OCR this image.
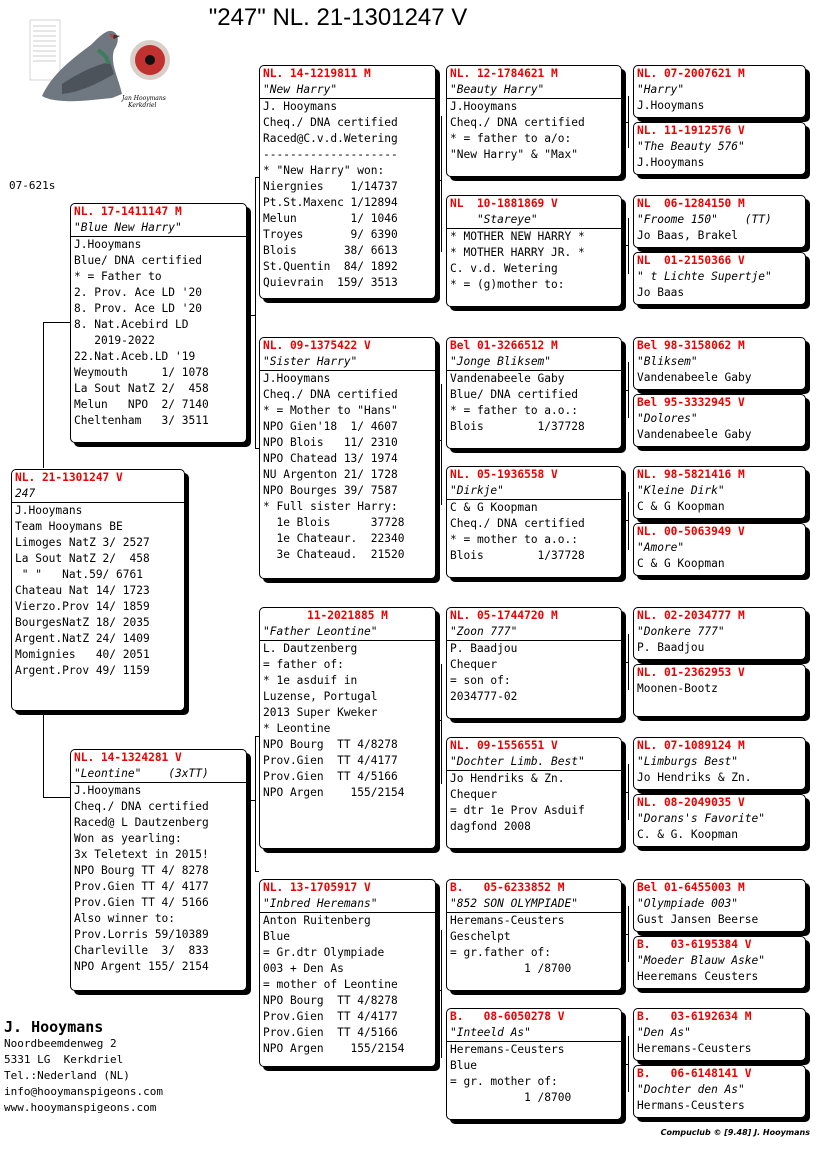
"247" NL. 21-1301247 V
Jan Hooymans
Kerkdriel
07-621s
NL. 21-1301247 V
247
J.Hooymans
Team Hooymans BE
Limoges NatZ 3/ 2527
La Sout NatZ 2/  458
" "   Nat.59/ 6761
Chateau Nat 14/ 1723
Vierzo.Prov 14/ 1859
BourgesNatZ 18/ 2035
Argent.NatZ 24/ 1409
Momignies   40/ 2051
Argent.Prov 49/ 1159
NL. 17-1411147 M
"Blue New Harry"
J.Hooymans
Blue/ DNA certified
* = Father to
2. Prov. Ace LD '20
8. Prov. Ace LD '20
8. Nat.Acebird LD
2019-2022
22.Nat.Aceb.LD '19
Weymouth     1/ 1078
La Sout NatZ 2/  458
Melun   NPO  2/ 7140
Cheltenham   3/ 3511
NL. 14-1324281 V
"Leontine"    (3xTT)
J.Hooymans
Cheq./ DNA certified
Raced@ L Dautzenberg
Won as yearling:
3x Teletext in 2015!
NPO Bourg TT 4/ 8278
Prov.Gien TT 4/ 4177
Prov.Gien TT 4/ 5166
Also winner to:
Prov.Lorris 59/10389
Charleville  3/  833
NPO Argent 155/ 2154
NL. 14-1219811 M
"New Harry"
J. Hooymans
Cheq./ DNA certified
Raced@C.v.d.Wetering
--------------------
* "New Harry" won:
Niergnies    1/14737
Pt.St.Maxenc 1/12894
Melun        1/ 1046
Troyes       9/ 6390
Blois       38/ 6613
St.Quentin  84/ 1892
Quievrain  159/ 3513
NL. 09-1375422 V
"Sister Harry"
J.Hooymans
Cheq./ DNA certified
* = Mother to "Hans"
NPO Gien'18  1/ 4607
NPO Blois   11/ 2310
NPO Chatead 13/ 1974
NU Argenton 21/ 1728
NPO Bourges 39/ 7587
* Full sister Harry:
1e Blois      37728
1e Chateaur.  22340
3e Chateaud.  21520
11-2021885 M
"Father Leontine"
L. Dautzenberg
= father of:
* 1e asduif in
Luzense, Portugal
2013 Super Kweker
* Leontine
NPO Bourg  TT 4/8278
Prov.Gien  TT 4/4177
Prov.Gien  TT 4/5166
NPO Argen    155/2154
NL. 13-1705917 V
"Inbred Heremans"
Anton Ruitenberg
Blue
= Gr.dtr Olympiade
003 + Den As
= mother of Leontine
NPO Bourg  TT 4/8278
Prov.Gien  TT 4/4177
Prov.Gien  TT 4/5166
NPO Argen    155/2154
NL. 12-1784621 M
"Beauty Harry"
J.Hooymans
Cheq./ DNA certified
* = father to a/o:
"New Harry" & "Max"
NL  10-1881869 V
"Stareye"
* MOTHER NEW HARRY *
* MOTHER HARRY JR. *
C. v.d. Wetering
* = (g)mother to:
Bel 01-3266512 M
"Jonge Bliksem"
Vandenabeele Gaby
Blue/ DNA certified
* = father to a.o.:
Blois        1/37728
NL. 05-1936558 V
"Dirkje"
C & G Koopman
Cheq./ DNA certified
* = mother to a.o.:
Blois        1/37728
NL. 05-1744720 M
"Zoon 777"
P. Baadjou
Chequer
= son of:
2034777-02
NL. 09-1556551 V
"Dochter Limb. Best"
Jo Hendriks & Zn.
Chequer
= dtr 1e Prov Asduif
dagfond 2008
B.   05-6233852 M
"852 SON OLYMPIADE"
Heremans-Ceusters
Geschelpt
= gr.father of:
1 /8700
B.   08-6050278 V
"Inteeld As"
Heremans-Ceusters
Blue
= gr. mother of:
1 /8700
NL. 07-2007621 M
"Harry"
J.Hooymans
NL. 11-1912576 V
"The Beauty 576"
J.Hooymans
NL  06-1284150 M
"Froome 150"    (TT)
Jo Baas, Brakel
NL  01-2150366 V
" t Lichte Supertje"
Jo Baas
Bel 98-3158062 M
"Bliksem"
Vandenabeele Gaby
Bel 95-3332945 V
"Dolores"
Vandenabeele Gaby
NL. 98-5821416 M
"Kleine Dirk"
C & G Koopman
NL. 00-5063949 V
"Amore"
C & G Koopman
NL. 02-2034777 M
"Donkere 777"
P. Baadjou
NL. 01-2362953 V
Moonen-Bootz
NL. 07-1089124 M
"Limburgs Best"
Jo Hendriks & Zn.
NL. 08-2049035 V
"Dorans's Favorite"
C. & G. Koopman
Bel 01-6455003 M
"Olympiade 003"
Gust Jansen Beerse
B.   03-6195384 V
"Moeder Blauw Aske"
Heeremans Ceusters
B.   03-6192634 M
"Den As"
Heremans-Ceusters
B.   06-6148141 V
"Dochter den As"
Hermans-Ceusters
J. Hooymans
Noordbeemdenweg 2
5331 LG  Kerkdriel
Tel.:Nederland (NL)
info@hooymanspigeons.com
www.hooymanspigeons.com
Compuclub © [9.48] J. Hooymans
